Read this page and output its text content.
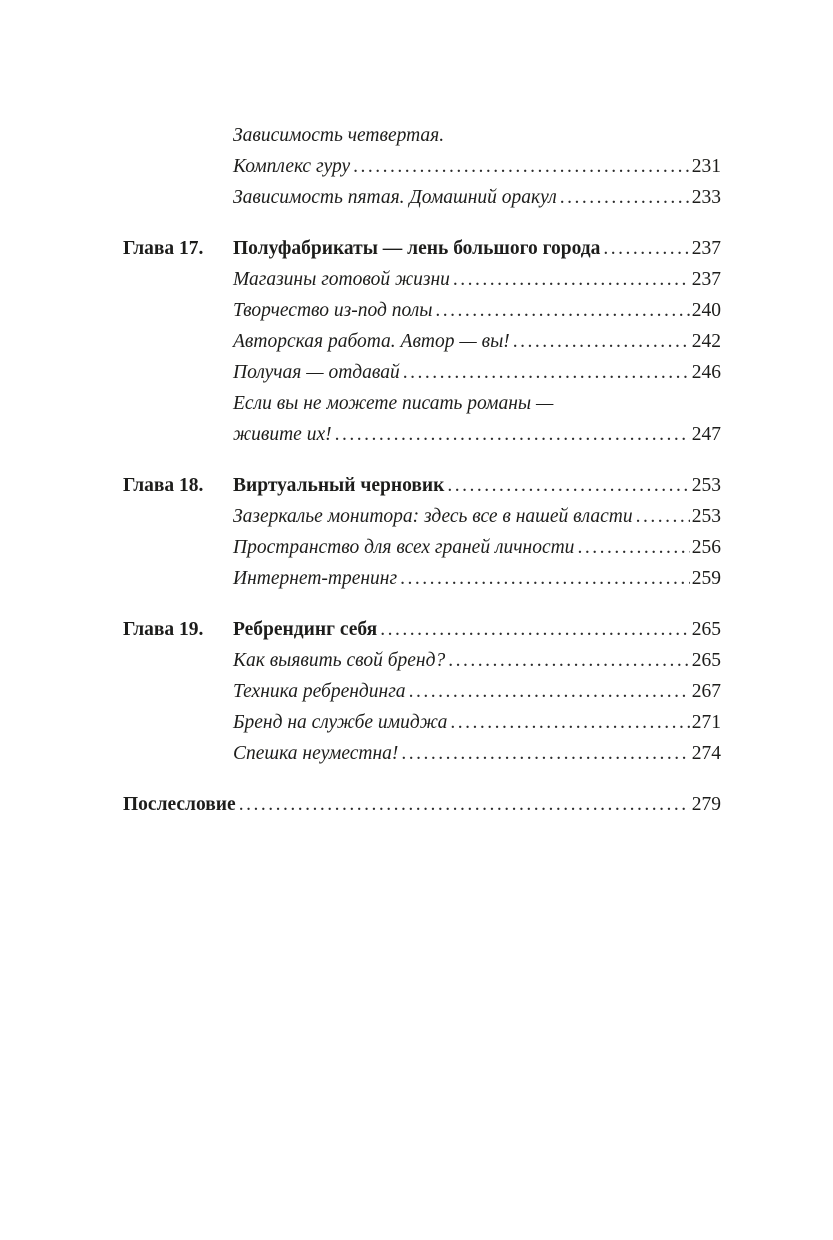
Зависимость четвертая.
Комплекс гуру .....	231
Зависимость пятая. Домашний оракул .....	233
Глава 17.	Полуфабрикаты — лень большого города .....	237
Магазины готовой жизни .....	237
Творчество из-под полы .....	240
Авторская работа. Автор — вы! .....	242
Получая — отдавай .....	246
Если вы не можете писать романы —
живите их! .....	247
Глава 18.	Виртуальный черновик .....	253
Зазеркалье монитора: здесь все в нашей власти .....	253
Пространство для всех граней личности .....	256
Интернет-тренинг .....	259
Глава 19.	Ребрендинг себя .....	265
Как выявить свой бренд? .....	265
Техника ребрендинга .....	267
Бренд на службе имиджа .....	271
Спешка неуместна! .....	274
Послесловие .....	279
